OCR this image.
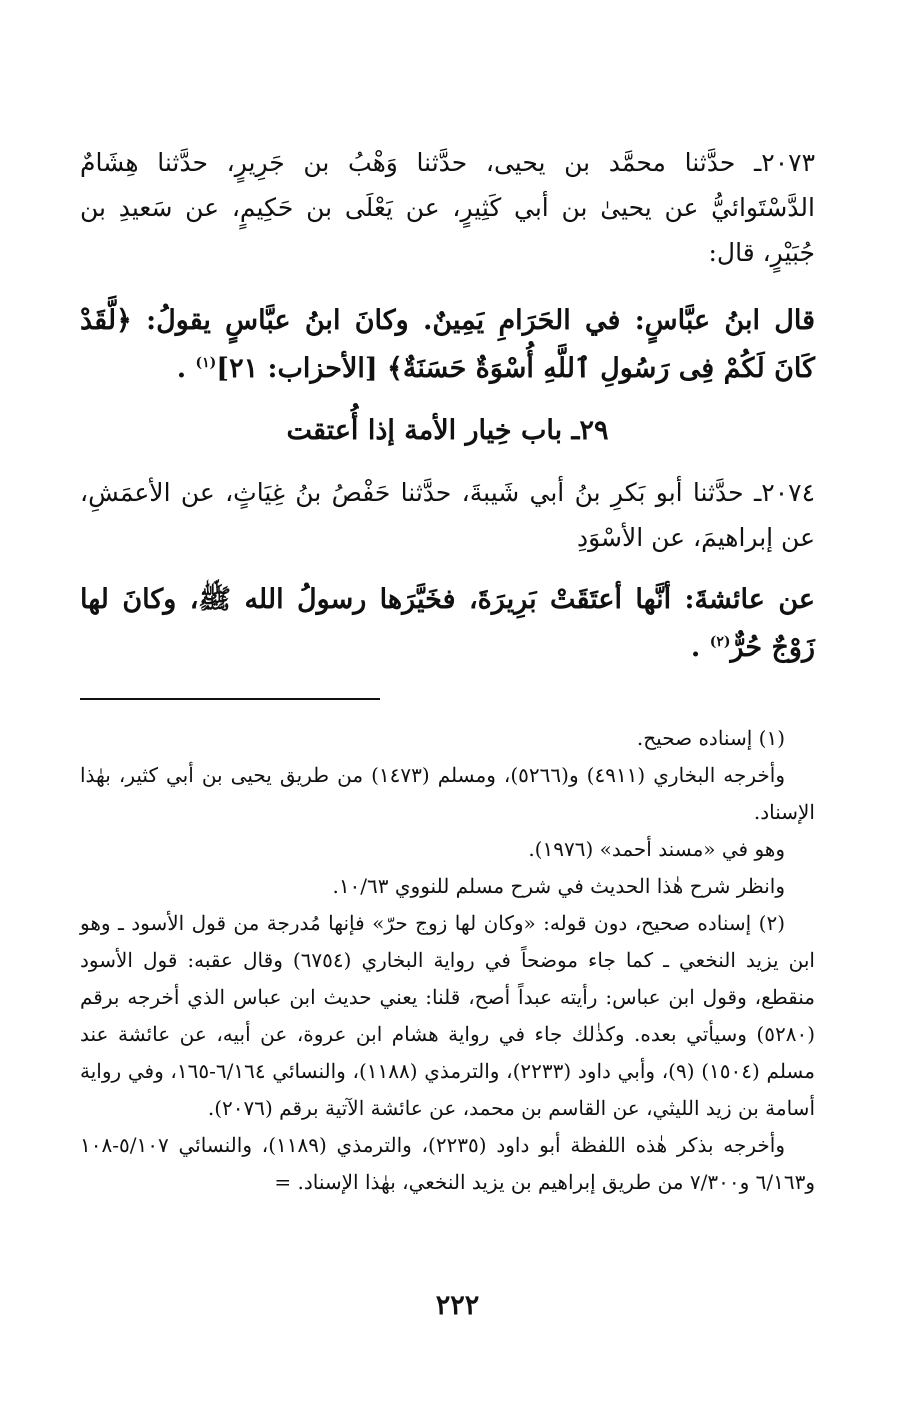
٢٠٧٣ـ حدَّثنا محمَّد بن يحيى، حدَّثنا وَهْبُ بن جَرِيرٍ، حدَّثنا هِشَامٌ الدَّسْتَوائيُّ عن يحيىٰ بن أبي كَثِيرٍ، عن يَعْلَى بن حَكِيمٍ، عن سَعيدِ بن جُبَيْرٍ، قال:

قال ابنُ عبَّاسٍ: في الحَرَامِ يَمِينٌ. وكانَ ابنُ عبَّاسٍ يقولُ: ﴿لَّقَدْ كَانَ لَكُمْ فِى رَسُولِ ٱللَّهِ أُسْوَةٌ حَسَنَةٌ﴾ [الأحزاب: ٢١]$^{(١)}$ .

٢٩ـ باب خِيار الأمة إذا أُعتقت

٢٠٧٤ـ حدَّثنا أبو بَكرِ بنُ أبي شَيبةَ، حدَّثنا حَفْصُ بنُ غِيَاثٍ، عن الأعمَشِ، عن إبراهيمَ، عن الأسْوَدِ

عن عائشةَ: أنَّها أعتَقَتْ بَرِيرَةَ، فخَيَّرَها رسولُ الله ﷺ، وكانَ لها زَوْجٌ حُرٌّ$^{(٢)}$ .

(١) إسناده صحيح.

وأخرجه البخاري (٤٩١١) و(٥٢٦٦)، ومسلم (١٤٧٣) من طريق يحيى بن أبي كثير، بهٰذا الإسناد.

وهو في «مسند أحمد» (١٩٧٦).

وانظر شرح هٰذا الحديث في شرح مسلم للنووي ١٠/٦٣.

(٢) إسناده صحيح، دون قوله: «وكان لها زوج حرّ» فإنها مُدرجة من قول الأسود ـ وهو ابن يزيد النخعي ـ كما جاء موضحاً في رواية البخاري (٦٧٥٤) وقال عقبه: قول الأسود منقطع، وقول ابن عباس: رأيته عبداً أصح، قلنا: يعني حديث ابن عباس الذي أخرجه برقم (٥٢٨٠) وسيأتي بعده. وكذٰلك جاء في رواية هشام ابن عروة، عن أبيه، عن عائشة عند مسلم (١٥٠٤) (٩)، وأبي داود (٢٢٣٣)، والترمذي (١١٨٨)، والنسائي ٦/١٦٤-١٦٥، وفي رواية أسامة بن زيد الليثي، عن القاسم بن محمد، عن عائشة الآتية برقم (٢٠٧٦).

وأخرجه بذكر هٰذه اللفظة أبو داود (٢٢٣٥)، والترمذي (١١٨٩)، والنسائي ٥/١٠٧-١٠٨ و٦/١٦٣ و٧/٣٠٠ من طريق إبراهيم بن يزيد النخعي، بهٰذا الإسناد. =

٢٢٢
